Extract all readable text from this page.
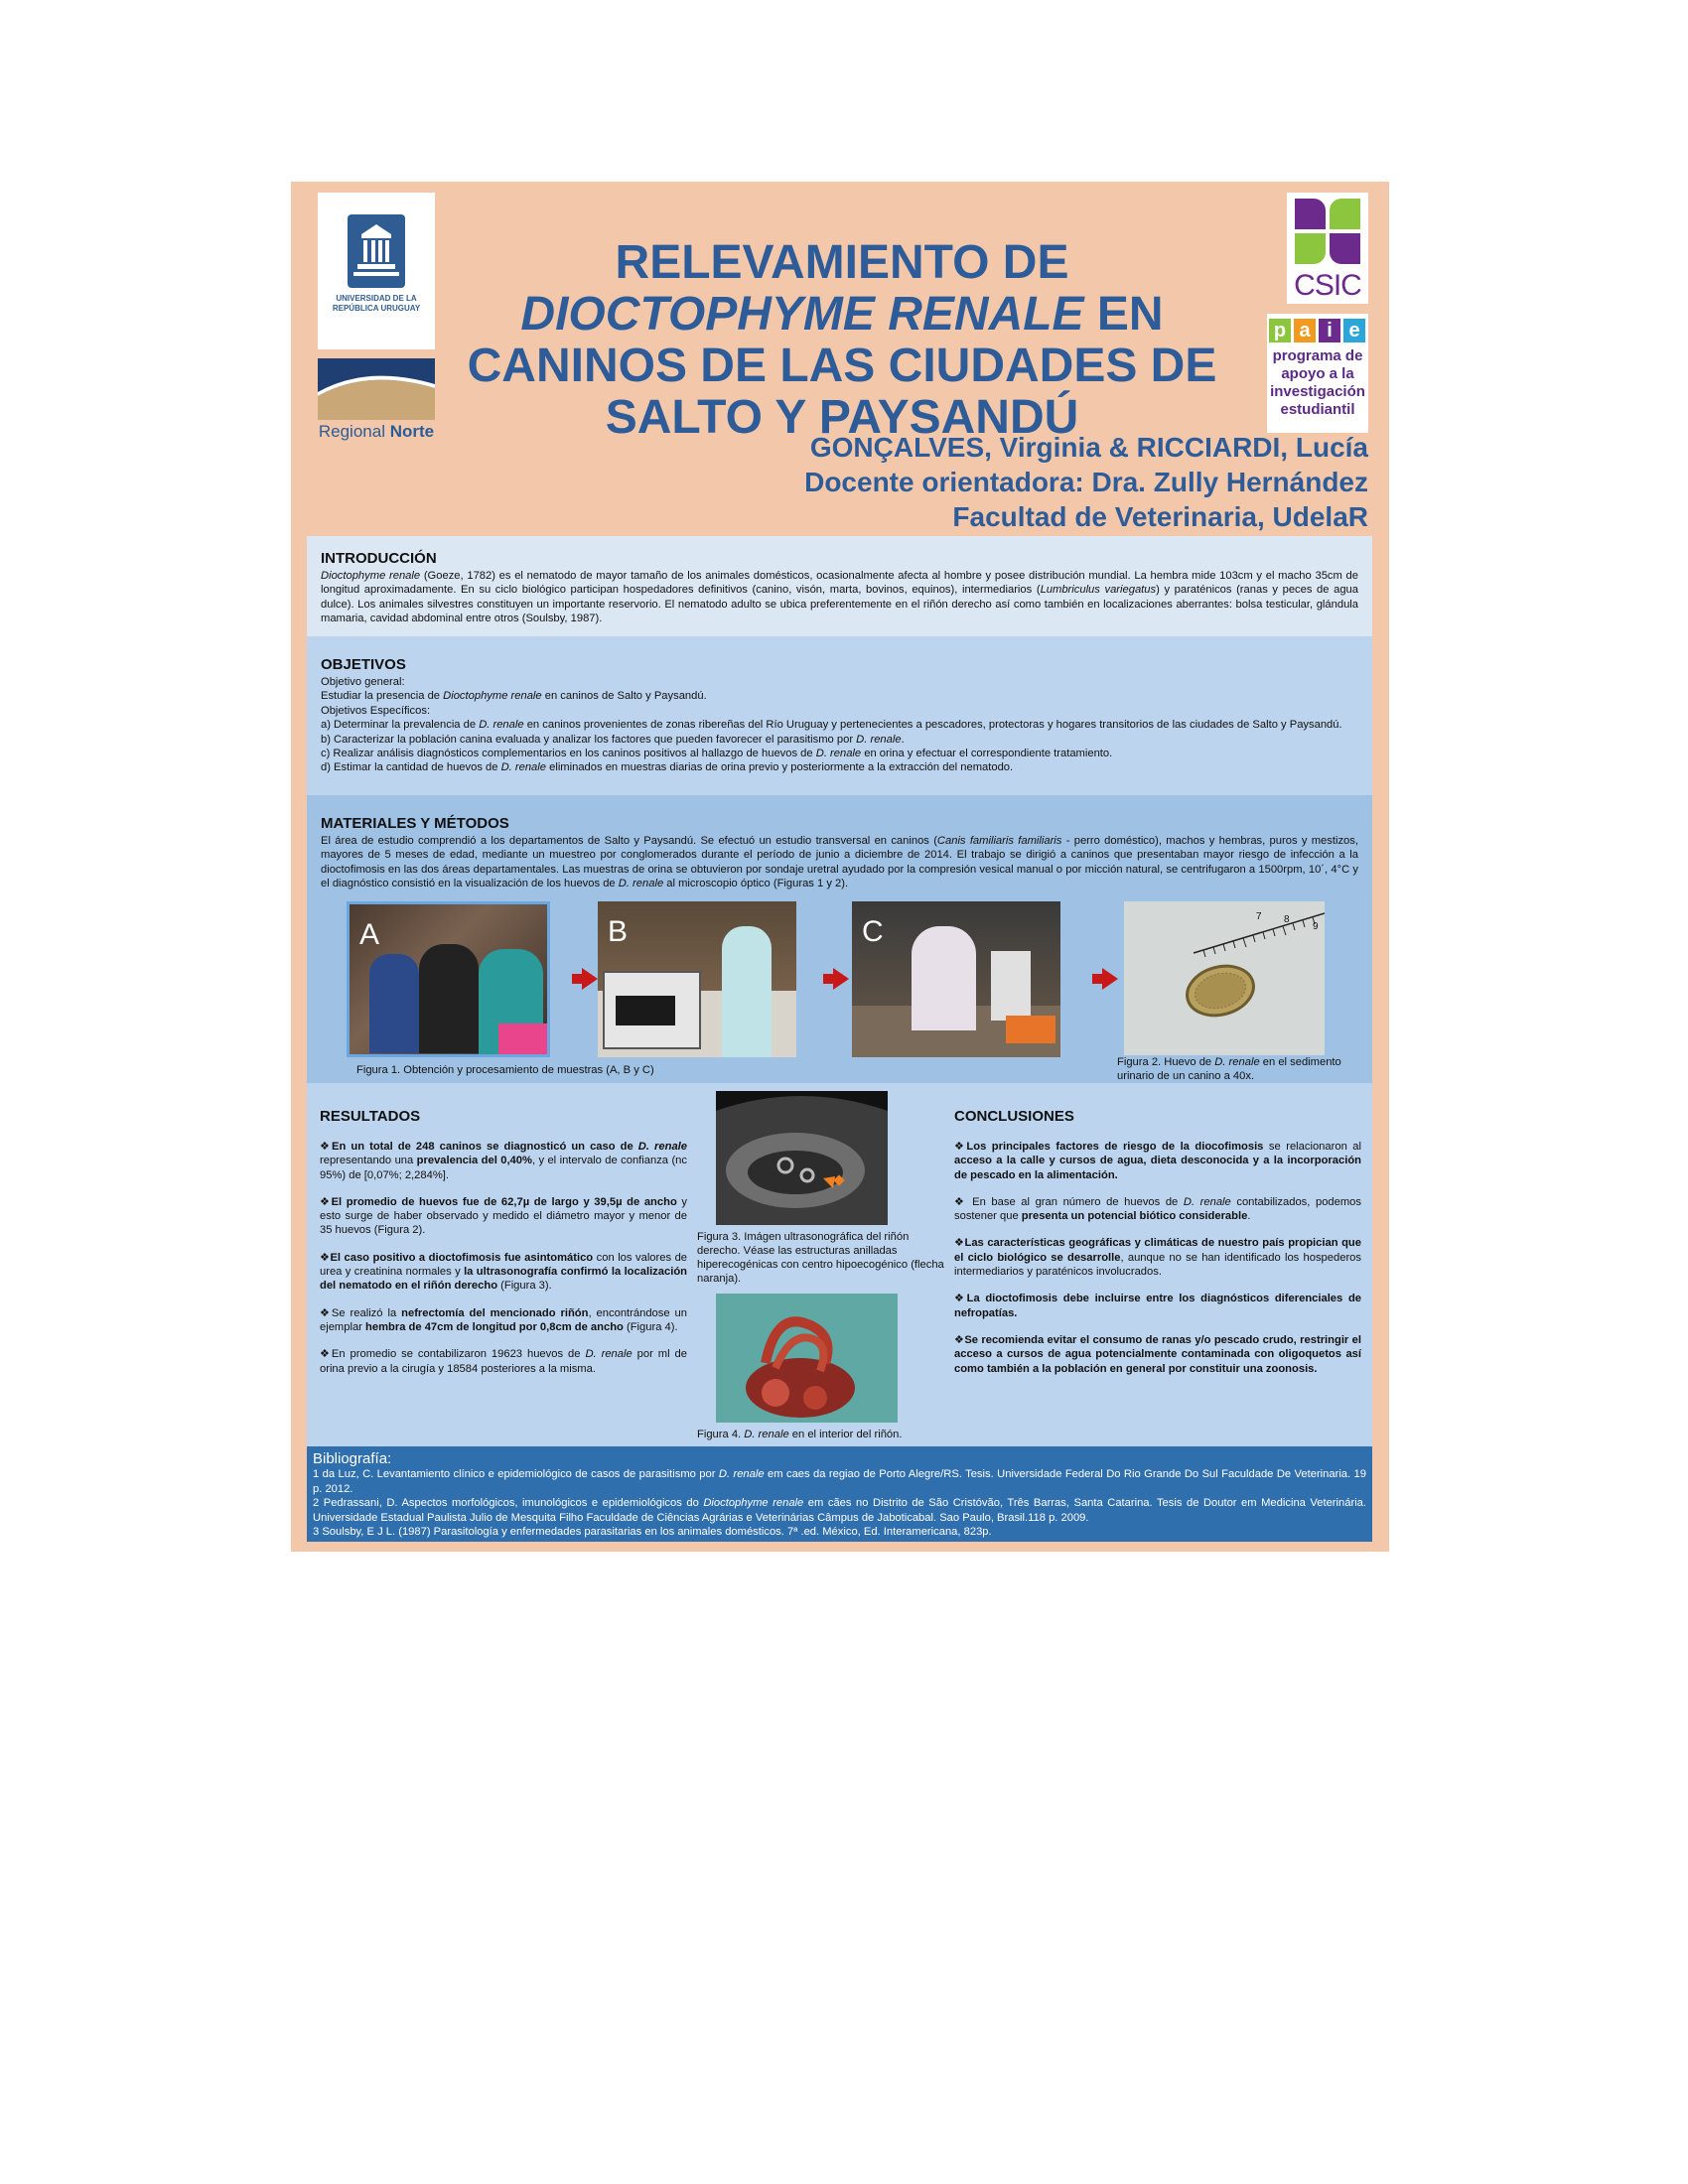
UNIVERSIDAD DE LA REPÚBLICA URUGUAY
Regional Norte
RELEVAMIENTO DE DIOCTOPHYME RENALE EN CANINOS DE LAS CIUDADES DE SALTO Y PAYSANDÚ
CSIC
p a i e
programa de apoyo a la investigación estudiantil
GONÇALVES, Virginia & RICCIARDI, Lucía
Docente orientadora: Dra. Zully Hernández
Facultad de Veterinaria, UdelaR
INTRODUCCIÓN

Dioctophyme renale (Goeze, 1782) es el nematodo de mayor tamaño de los animales domésticos, ocasionalmente afecta al hombre y posee distribución mundial. La hembra mide 103cm y el macho 35cm de longitud aproximadamente. En su ciclo biológico participan hospedadores definitivos (canino, visón, marta, bovinos, equinos), intermediarios (Lumbriculus variegatus) y paraténicos (ranas y peces de agua dulce). Los animales silvestres constituyen un importante reservorio. El nematodo adulto se ubica preferentemente en el riñón derecho así como también en localizaciones aberrantes: bolsa testicular, glándula mamaria, cavidad abdominal entre otros (Soulsby, 1987).

OBJETIVOS

Objetivo general:

Estudiar la presencia de Dioctophyme renale en caninos de Salto y Paysandú.

Objetivos Específicos:

a) Determinar la prevalencia de D. renale en caninos provenientes de zonas ribereñas del Río Uruguay y pertenecientes a pescadores, protectoras y hogares transitorios de las ciudades de Salto y Paysandú.

b) Caracterizar la población canina evaluada y analizar los factores que pueden favorecer el parasitismo por D. renale.

c) Realizar análisis diagnósticos complementarios en los caninos positivos al hallazgo de huevos de D. renale en orina y efectuar el correspondiente tratamiento.

d) Estimar la cantidad de huevos de D. renale eliminados en muestras diarias de orina previo y posteriormente a la extracción del nematodo.

MATERIALES Y MÉTODOS

El área de estudio comprendió a los departamentos de Salto y Paysandú. Se efectuó un estudio transversal en caninos (Canis familiaris familiaris - perro doméstico), machos y hembras, puros y mestizos, mayores de 5 meses de edad, mediante un muestreo por conglomerados durante el período de junio a diciembre de 2014. El trabajo se dirigió a caninos que presentaban mayor riesgo de infección a la dioctofimosis en las dos áreas departamentales. Las muestras de orina se obtuvieron por sondaje uretral ayudado por la compresión vesical manual o por micción natural, se centrifugaron a 1500rpm, 10´, 4°C y el diagnóstico consistió en la visualización de los huevos de D. renale al microscopio óptico (Figuras 1 y 2).

A	B	C	7 8
9
Figura 1. Obtención y procesamiento de muestras (A, B y C)
Figura 2. Huevo de D. renale en el sedimento urinario de un canino a 40x.
RESULTADOS
❖ En un total de 248 caninos se diagnosticó un caso de D. renale representando una prevalencia del 0,40%, y el intervalo de confianza (nc 95%) de [0,07%; 2,284%].
❖ El promedio de huevos fue de 62,7µ de largo y 39,5µ de ancho y esto surge de haber observado y medido el diámetro mayor y menor de 35 huevos (Figura 2).
❖ El caso positivo a dioctofimosis fue asintomático con los valores de urea y creatinina normales y la ultrasonografía confirmó la localización del nematodo en el riñón derecho (Figura 3).
❖ Se realizó la nefrectomía del mencionado riñón, encontrándose un ejemplar hembra de 47cm de longitud por 0,8cm de ancho (Figura 4).
❖ En promedio se contabilizaron 19623 huevos de D. renale por ml de orina previo a la cirugía y 18584 posteriores a la misma.
Figura 3. Imágen ultrasonográfica del riñón derecho. Véase las estructuras anilladas hiperecogénicas con centro hipoecogénico (flecha naranja).
Figura 4. D. renale en el interior del riñón.
CONCLUSIONES
❖ Los principales factores de riesgo de la diocofimosis se relacionaron al acceso a la calle y cursos de agua, dieta desconocida y a la incorporación de pescado en la alimentación.
❖ En base al gran número de huevos de D. renale contabilizados, podemos sostener que presenta un potencial biótico considerable.
❖ Las características geográficas y climáticas de nuestro país propician que el ciclo biológico se desarrolle, aunque no se han identificado los hospederos intermediarios y paraténicos involucrados.
❖ La dioctofimosis debe incluirse entre los diagnósticos diferenciales de nefropatías.
❖ Se recomienda evitar el consumo de ranas y/o pescado crudo, restringir el acceso a cursos de agua potencialmente contaminada con oligoquetos así como también a la población en general por constituir una zoonosis.
Bibliografía:

1 da Luz, C. Levantamiento clínico e epidemiológico de casos de parasitismo por D. renale em caes da regiao de Porto Alegre/RS. Tesis. Universidade Federal Do Rio Grande Do Sul Faculdade De Veterinaria. 19 p. 2012.

2 Pedrassani, D. Aspectos morfológicos, imunológicos e epidemiológicos do Dioctophyme renale em cães no Distrito de São Cristóvão, Três Barras, Santa Catarina. Tesis de Doutor em Medicina Veterinária. Universidade Estadual Paulista Julio de Mesquita Filho Faculdade de Ciências Agrárias e Veterinárias Câmpus de Jaboticabal. Sao Paulo, Brasil.118 p. 2009.

3 Soulsby, E J L. (1987) Parasitología y enfermedades parasitarias en los animales domésticos. 7ª .ed. México, Ed. Interamericana, 823p.
